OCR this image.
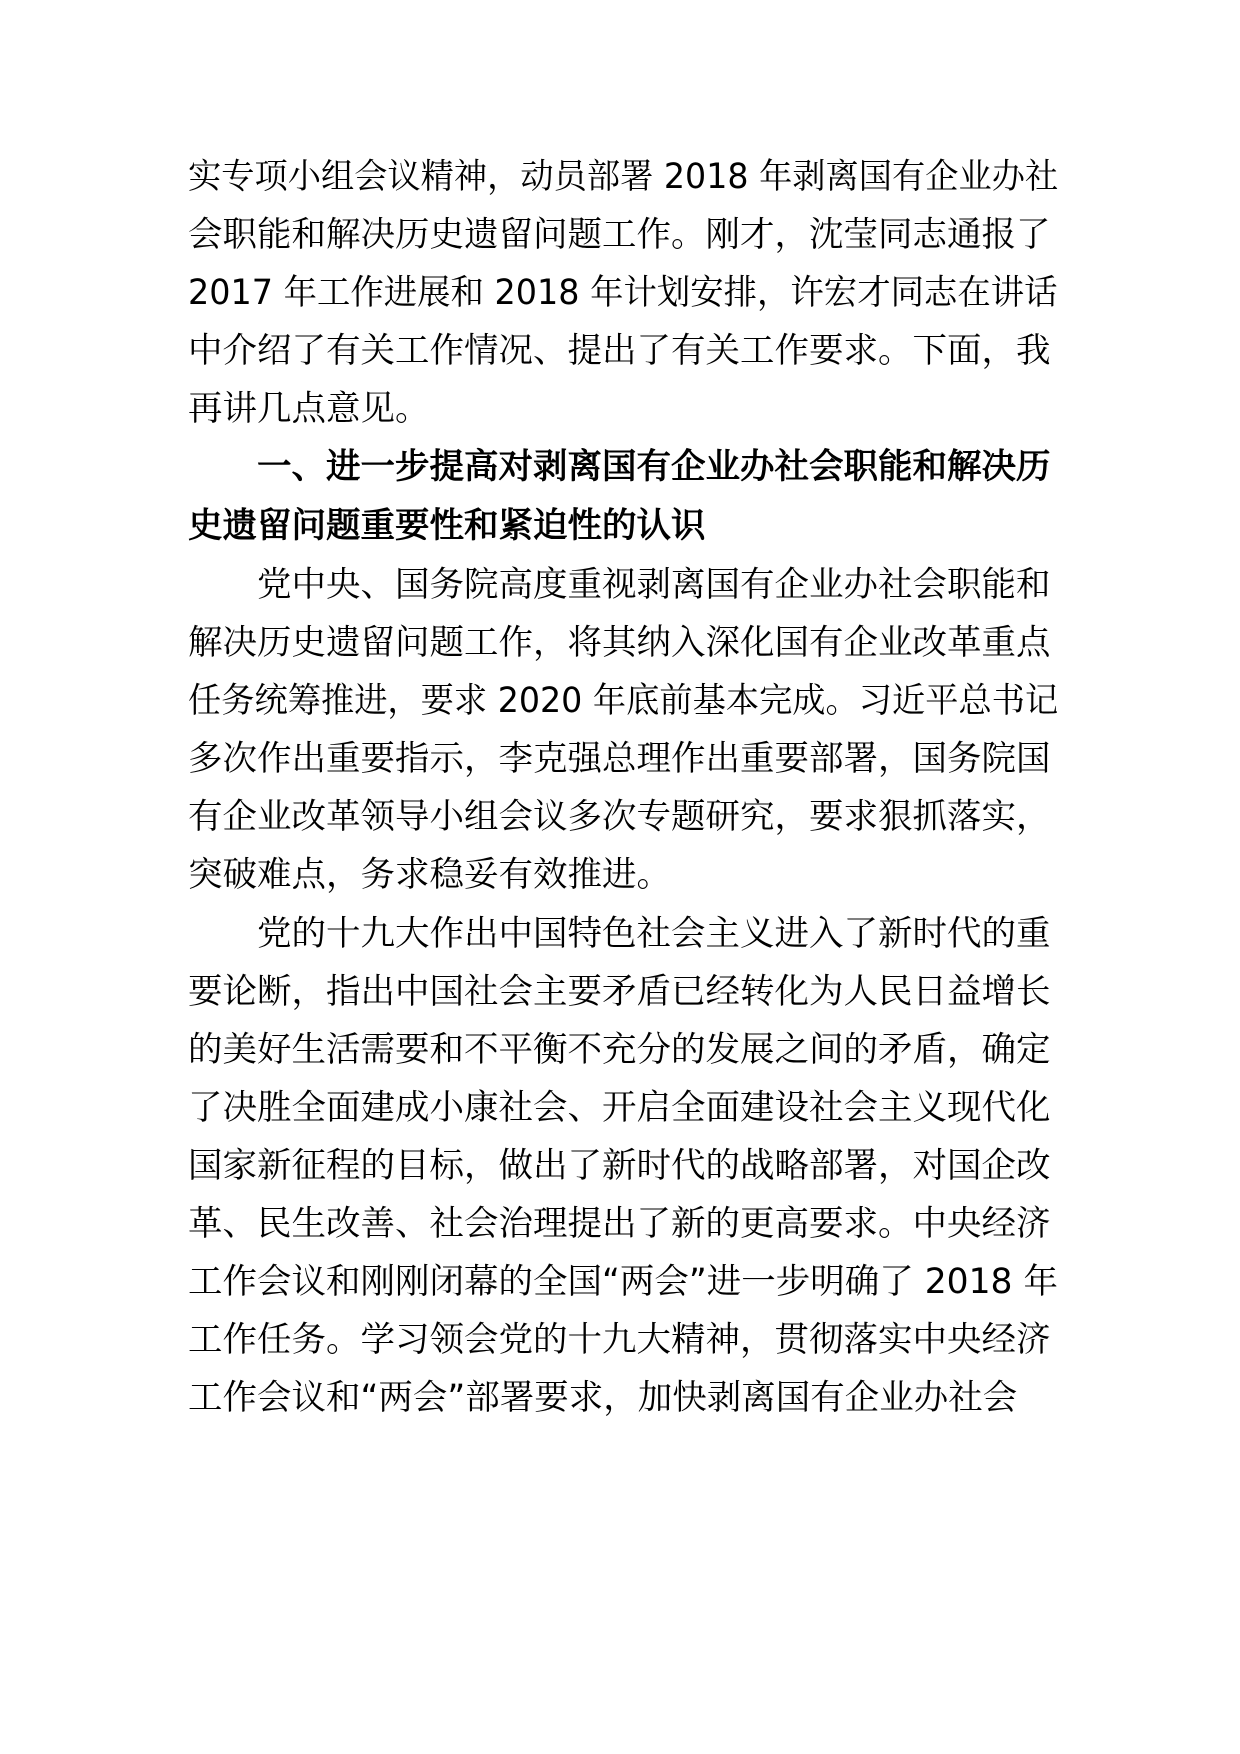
实专项小组会议精神，动员部署 2018 年剥离国有企业办社
会职能和解决历史遗留问题工作。刚才，沈莹同志通报了
2017 年工作进展和 2018 年计划安排，许宏才同志在讲话
中介绍了有关工作情况、提出了有关工作要求。下面，我
再讲几点意见。
一、进一步提高对剥离国有企业办社会职能和解决历
史遗留问题重要性和紧迫性的认识
党中央、国务院高度重视剥离国有企业办社会职能和
解决历史遗留问题工作，将其纳入深化国有企业改革重点
任务统筹推进，要求 2020 年底前基本完成。习近平总书记
多次作出重要指示，李克强总理作出重要部署，国务院国
有企业改革领导小组会议多次专题研究，要求狠抓落实，
突破难点，务求稳妥有效推进。
党的十九大作出中国特色社会主义进入了新时代的重
要论断，指出中国社会主要矛盾已经转化为人民日益增长
的美好生活需要和不平衡不充分的发展之间的矛盾，确定
了决胜全面建成小康社会、开启全面建设社会主义现代化
国家新征程的目标，做出了新时代的战略部署，对国企改
革、民生改善、社会治理提出了新的更高要求。中央经济
工作会议和刚刚闭幕的全国“两会”进一步明确了 2018 年
工作任务。学习领会党的十九大精神，贯彻落实中央经济
工作会议和“两会”部署要求，加快剥离国有企业办社会
